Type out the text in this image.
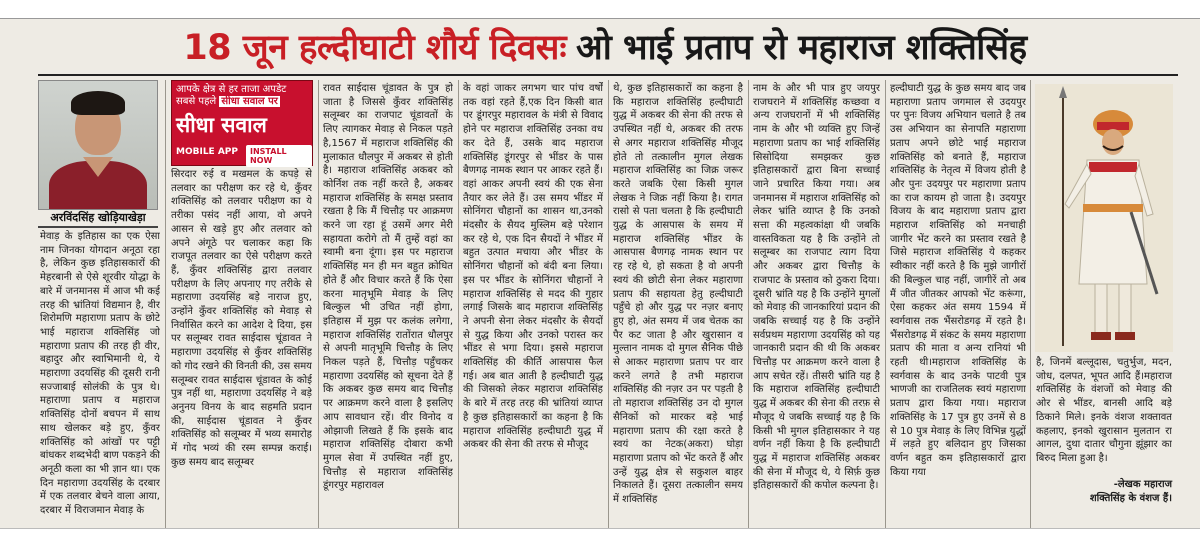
18 जून हल्दीघाटी शौर्य दिवसः ओ भाई प्रताप रो महाराज शक्तिसिंह
अरविंदसिंह खोड़ियाखेड़ा
आपके क्षेत्र से हर ताजा अपडेट
सबसे पहले सीधा सवाल पर
सीधा सवाल
MOBILE APP	INSTALL NOW
मेवाड़ के इतिहास का एक ऐसा नाम जिनका योगदान अनूठा रहा है, लेकिन कुछ इतिहासकारों की मेहरबानी से ऐसे शूरवीर योद्धा के बारे में जनमानस में आज भी कई तरह की भ्रांतियां विद्यमान है, वीर शिरोमणि महाराणा प्रताप के छोटे भाई महाराज शक्तिसिंह जो महाराणा प्रताप की तरह ही वीर, बहादुर और स्वाभिमानी थे, ये महाराणा उदयसिंह की दूसरी रानी सज्जाबाई सोलंकी के पुत्र थे। महाराणा प्रताप व महाराज शक्तिसिंह दोनों बचपन में साथ साथ खेलकर बड़े हुए, कुँवर शक्तिसिंह को आंखों पर पट्टी बांधकर शब्दभेदी बाण पकड़ने की अनूठी कला का भी ज्ञान था। एक दिन महाराणा उदयसिंह के दरबार में एक तलवार बेचने वाला आया, दरबार में विराजमान मेवाड़ के
सिरदार रुई व मखमल के कपड़े से तलवार का परीक्षण कर रहे थे, कुँवर शक्तिसिंह को तलवार परीक्षण का ये तरीका पसंद नहीं आया, वो अपने आसन से खड़े हुए और तलवार को अपने अंगूठे पर चलाकर कहा कि राजपूत तलवार का ऐसे परीक्षण करते हैं, कुँवर शक्तिसिंह द्वारा तलवार परीक्षण के लिए अपनाए गए तरीके से महाराणा उदयसिंह बड़े नाराज हुए, उन्होंने कुँवर शक्तिसिंह को मेवाड़ से निर्वासित करने का आदेश दे दिया, इस पर सलूम्बर रावत साईदास चूंडावत ने महाराणा उदयसिंह से कुँवर शक्तिसिंह को गोद रखने की विनती की, उस समय सलूम्बर रावत साईदास चूंडावत के कोई पुत्र नहीं था, महाराणा उदयसिंह ने बड़े अनुनय विनय के बाद सहमति प्रदान की, साईदास चूंडावत ने कुँवर शक्तिसिंह को सलूम्बर में भव्य समारोह में गोद भव्यं की रस्म सम्पन्न कराई। कुछ समय बाद सलूम्बर
रावत साईदास चूंडावत के पुत्र हो जाता है जिससे कुँवर शक्तिसिंह सलूम्बर का राजपाट चूंडावतों के लिए त्यागकर मेवाड़ से निकल पड़ते है,1567 में महाराज शक्तिसिंह की मुलाकात धौलपुर में अकबर से होती है। महाराज शक्तिसिंह अकबर को कोर्निश तक नहीं करते है, अकबर महाराज शक्तिसिंह के समक्ष प्रस्ताव रखता है कि मैं चित्तौड़ पर आक्रमण करने जा रहा हूं उसमें अगर मेरी सहायता करोगे तो मैं तुम्हें वहां का स्वामी बना दूंगा। इस पर महाराज शक्तिसिंह मन ही मन बहुत क्रोधित होते हैं और विचार करते हैं कि ऐसा करना मातृभूमि मेवाड़ के लिए बिल्कुल भी उचित नहीं होगा, इतिहास में मुझ पर कलंक लगेगा, महाराज शक्तिसिंह रातोंरात धौलपुर से अपनी मातृभूमि चित्तौड़ के लिए निकल पड़ते हैं, चित्तौड़ पहुँचकर महाराणा उदयसिंह को सूचना देते हैं कि अकबर कुछ समय बाद चित्तौड़ पर आक्रमण करने वाला है इसलिए आप सावधान रहें। वीर विनोद व ओझाजी लिखते हैं कि इसके बाद महाराज शक्तिसिंह दोबारा कभी मुगल सेवा में उपस्थित नहीं हुए, चित्तौड़ से महाराज शक्तिसिंह डूंगरपुर महारावल
के वहां जाकर लगभग चार पांच वर्षों तक वहां रहते हैं,एक दिन किसी बात पर डूंगरपुर महारावल के मंत्री से विवाद होने पर महाराज शक्तिसिंह उनका वध कर देते हैं, उसके बाद महाराज शक्तिसिंह डूंगरपुर से भींडर के पास बैणगढ़ नामक स्थान पर आकर रहते हैं। वहां आकर अपनी स्वयं की एक सेना तैयार कर लेते हैं। उस समय भींडर में सोनिंगरा चौहानों का शासन था,उनको मंदसौर के सैयद मुस्लिम बड़े परेशान कर रहे थे, एक दिन सैयदों ने भींडर में बहुत उत्पात मचाया और भींडर के सोनिंगरा चौहानों को बंदी बना लिया। इस पर भींडर के सोनिंगरा चौहानों ने महाराज शक्तिसिंह से मदद की गुहार लगाई जिसके बाद महाराज शक्तिसिंह ने अपनी सेना लेकर मंदसौर के सैयदों से युद्ध किया और उनको परास्त कर भींडर से भगा दिया। इससे महाराज शक्तिसिंह की कीर्ति आसपास फैल गई। अब बात आती है हल्दीघाटी युद्ध की जिसको लेकर महाराज शक्तिसिंह के बारे में तरह तरह की भ्रांतियां व्याप्त है कुछ इतिहासकारों का कहना है कि महाराज शक्तिसिंह हल्दीघाटी युद्ध में अकबर की सेना की तरफ से मौजूद
थे, कुछ इतिहासकारों का कहना है कि महाराज शक्तिसिंह हल्दीघाटी युद्ध में अकबर की सेना की तरफ से उपस्थित नहीं थे, अकबर की तरफ से अगर महाराज शक्तिसिंह मौजूद होते तो तत्कालीन मुगल लेखक महाराज शक्तिसिंह का जिक्र जरूर करते जबकि ऐसा किसी मुगल लेखक ने जिक्र नहीं किया है। रागत रासो से पता चलता है कि हल्दीघाटी युद्ध के आसपास के समय में महाराज शक्तिसिंह भींडर के आसपास बैणगढ़ नामक स्थान पर रह रहे थे, हो सकता है वो अपनी स्वयं की छोटी सेना लेकर महाराणा प्रताप की सहायता हेतु हल्दीघाटी पहुँचे हो और युद्ध पर नज़र बनाए हुए हो, अंत समय में जब चेतक का पैर कट जाता है और खुरासान व मुल्तान नामक दो मुगल सैनिक पीछे से आकर महाराणा प्रताप पर वार करने लगते है तभी महाराज शक्तिसिंह की नज़र उन पर पड़ती है तो महाराज शक्तिसिंह उन दो मुगल सैनिकों को मारकर बड़े भाई महाराणा प्रताप की रक्षा करते है स्वयं का नेटक(अकरा) घोड़ा महाराणा प्रताप को भेंट करते हैं और उन्हें युद्ध क्षेत्र से सकुशल बाहर निकालते हैं। दूसरा तत्कालीन समय में शक्तिसिंह
नाम के और भी पात्र हुए जयपुर राजघराने में शक्तिसिंह कच्छवा व अन्य राजघरानों में भी शक्तिसिंह नाम के और भी व्यक्ति हुए जिन्हें महाराणा प्रताप का भाई शक्तिसिंह सिसोदिया समझकर कुछ इतिहासकारों द्वारा बिना सच्चाई जाने प्रचारित किया गया। अब जनमानस में महाराज शक्तिसिंह को लेकर भ्रांति व्याप्त है कि उनको सत्ता की महत्वकांक्षा थी जबकि वास्तविकता यह है कि उन्होंने तो सलूम्बर का राजपाट त्याग दिया और अकबर द्वारा चित्तौड़ के राजपाट के प्रस्ताव को ठुकरा दिया। दूसरी भ्रांति यह है कि उन्होंने मुगलों को मेवाड़ की जानकारियां प्रदान की जबकि सच्चाई यह है कि उन्होंने सर्वप्रथम महाराणा उदयसिंह को यह जानकारी प्रदान की थी कि अकबर चित्तौड़ पर आक्रमण करने वाला है आप सचेत रहें। तीसरी भ्रांति यह है कि महाराज शक्तिसिंह हल्दीघाटी युद्ध में अकबर की सेना की तरफ़ से मौजूद थे जबकि सच्चाई यह है कि किसी भी मुगल इतिहासकार ने यह वर्णन नहीं किया है कि हल्दीघाटी युद्ध में महाराज शक्तिसिंह अकबर की सेना में मौजूद थे, ये सिर्फ़ कुछ इतिहासकारों की कपोल कल्पना है।
हल्दीघाटी युद्ध के कुछ समय बाद जब महाराणा प्रताप जगमाल से उदयपुर पर पुनः विजय अभियान चलाते है तब उस अभियान का सेनापति महाराणा प्रताप अपने छोटे भाई महाराज शक्तिसिंह को बनाते हैं, महाराज शक्तिसिंह के नेतृत्व में विजय होती है और पुनः उदयपुर पर महाराणा प्रताप का राज कायम हो जाता है। उदयपुर विजय के बाद महाराणा प्रताप द्वारा महाराज शक्तिसिंह को मनचाही जागीर भेंट करने का प्रस्ताव रखते है जिसे महाराज शक्तिसिंह ये कहकर स्वीकार नहीं करते है कि मुझे जागीरों की बिल्कुल चाह नहीं, जागीरें तो अब मैं जीत जीतकर आपको भेंट करूंगा, ऐसा कहकर अंत समय 1594 में स्वर्गवास तक भैंसरोडगढ़ में रहते है। भैंसरोडगढ़ में संकट के समय महाराणा प्रताप की माता व अन्य रानियां भी रहती थी।महाराज शक्तिसिंह के स्वर्गवास के बाद उनके पाटवी पुत्र भाणजी का राजतिलक स्वयं महाराणा प्रताप द्वारा किया गया। महाराज शक्तिसिंह के 17 पुत्र हुए उनमें से 8 से 10 पुत्र मेवाड़ के लिए विभिन्न युद्धों में लड़ते हुए बलिदान हुए जिसका वर्णन बहुत कम इतिहासकारों द्वारा किया गया
है, जिनमें बल्लूदास, चतुर्भुज, मदन, जोध, दलपत, भूपत आदि हैं।महाराज शक्तिसिंह के वंशजों को मेवाड़ की ओर से भींडर, बानसी आदि बड़े ठिकाने मिले। इनके वंशज शक्तावत कहलाए, इनको खुरासान मुलतान रा आगल, दुथा दातार चौगुना झूंझार का बिरुद मिला हुआ है।
-लेखक महाराज
शक्तिसिंह के वंशज हैं।
